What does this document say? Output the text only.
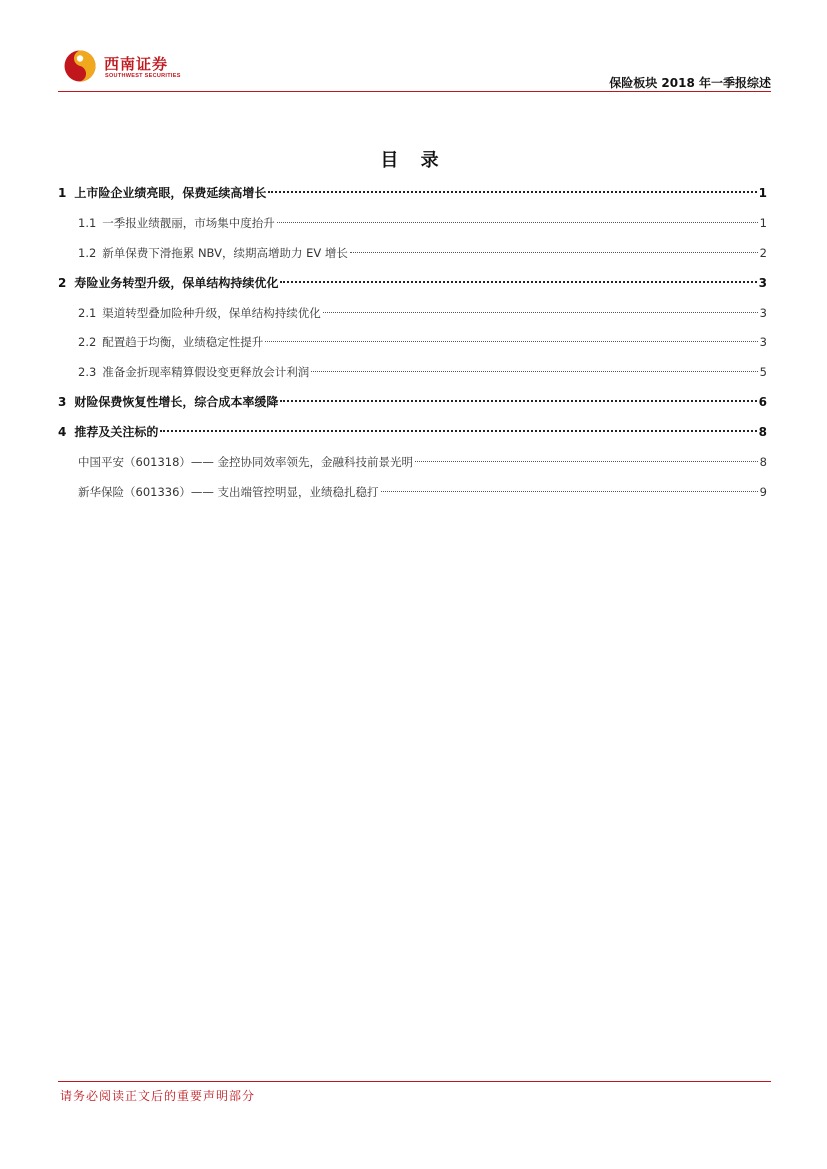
西南证券
SOUTHWEST SECURITIES	保险板块 2018 年一季报综述
目 录
1 上市险企业绩亮眼，保费延续高增长	1
1.1 一季报业绩靓丽，市场集中度抬升	1
1.2 新单保费下滑拖累 NBV，续期高增助力 EV 增长	2
2 寿险业务转型升级，保单结构持续优化	3
2.1 渠道转型叠加险种升级，保单结构持续优化	3
2.2 配置趋于均衡，业绩稳定性提升	3
2.3 准备金折现率精算假设变更释放会计利润	5
3 财险保费恢复性增长，综合成本率缓降	6
4 推荐及关注标的	8
中国平安（601318）—— 金控协同效率领先，金融科技前景光明	8
新华保险（601336）—— 支出端管控明显，业绩稳扎稳打	9
请务必阅读正文后的重要声明部分
